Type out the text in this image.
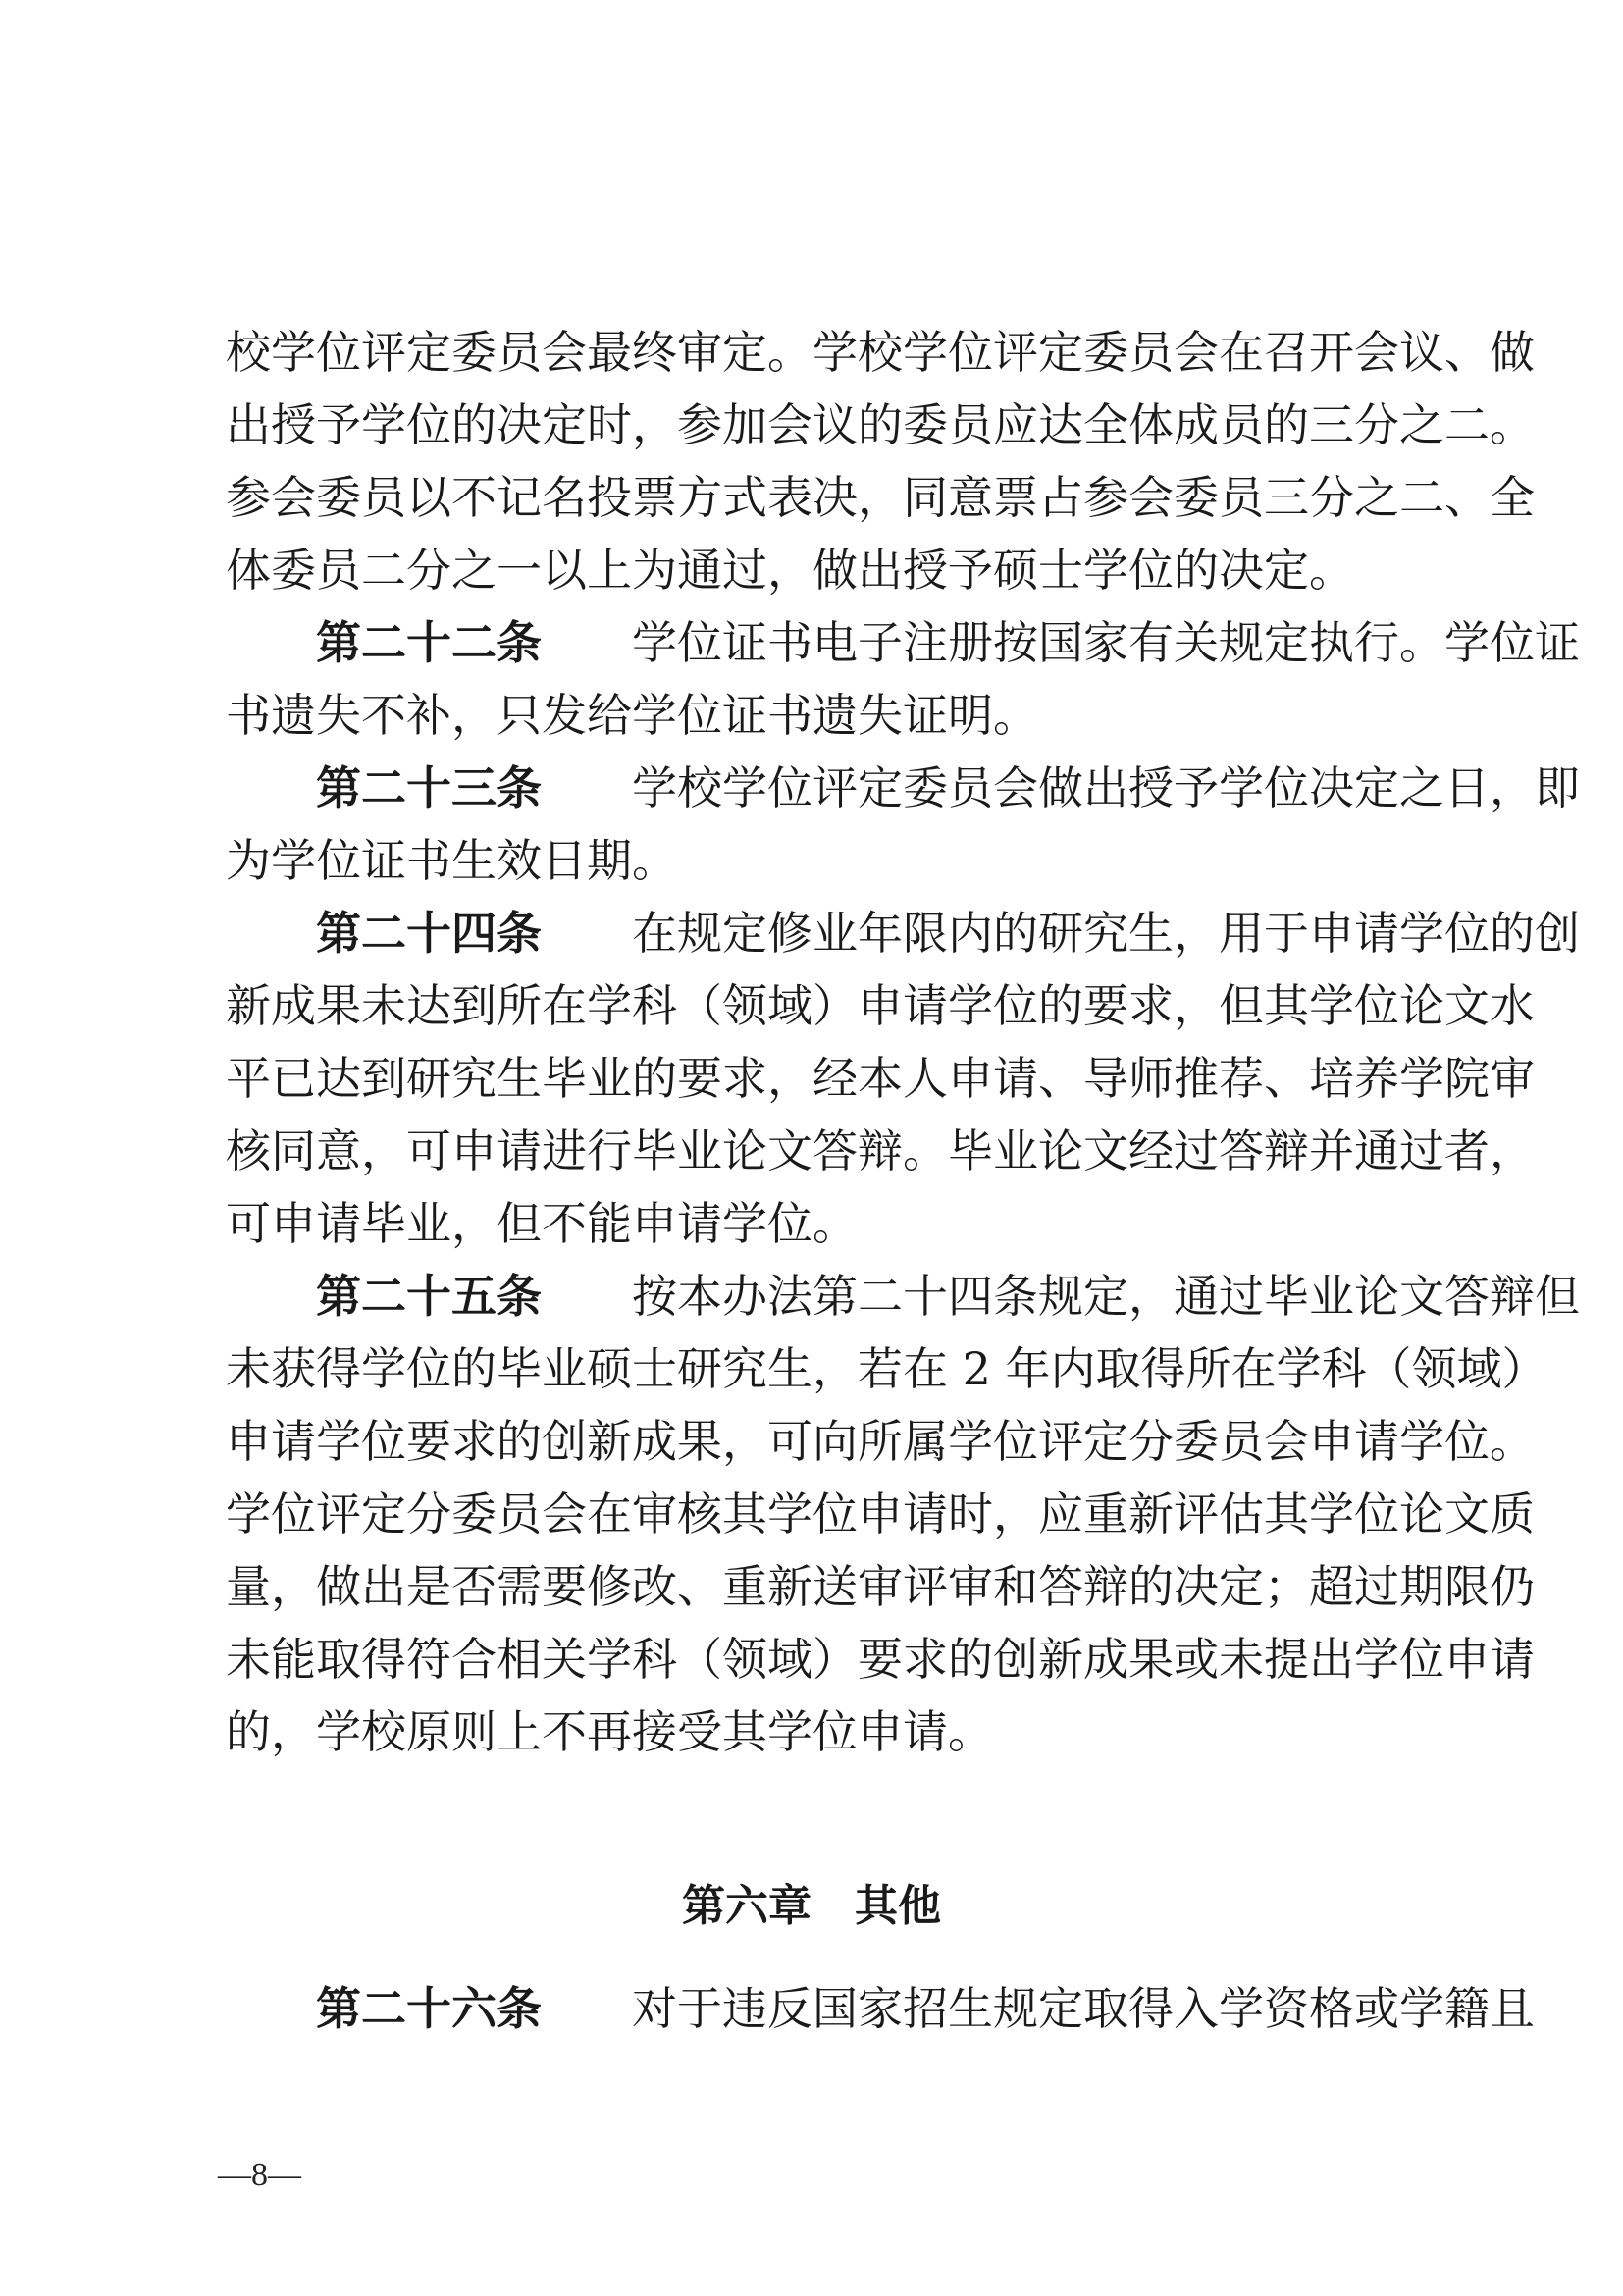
校学位评定委员会最终审定。学校学位评定委员会在召开会议、做
出授予学位的决定时，参加会议的委员应达全体成员的三分之二。
参会委员以不记名投票方式表决，同意票占参会委员三分之二、全
体委员二分之一以上为通过，做出授予硕士学位的决定。
第二十二条　　 学位证书电子注册按国家有关规定执行。学位证
书遗失不补，只发给学位证书遗失证明。
第二十三条　　 学校学位评定委员会做出授予学位决定之日，即
为学位证书生效日期。
第二十四条　　 在规定修业年限内的研究生，用于申请学位的创
新成果未达到所在学科（领域）申请学位的要求，但其学位论文水
平已达到研究生毕业的要求，经本人申请、导师推荐、培养学院审
核同意，可申请进行毕业论文答辩。毕业论文经过答辩并通过者，
可申请毕业，但不能申请学位。
第二十五条　　 按本办法第二十四条规定，通过毕业论文答辩但
未获得学位的毕业硕士研究生，若在 2 年内取得所在学科（领域）
申请学位要求的创新成果，可向所属学位评定分委员会申请学位。
学位评定分委员会在审核其学位申请时，应重新评估其学位论文质
量，做出是否需要修改、重新送审评审和答辩的决定；超过期限仍
未能取得符合相关学科（领域）要求的创新成果或未提出学位申请
的，学校原则上不再接受其学位申请。
第六章　其他
第二十六条　　 对于违反国家招生规定取得入学资格或学籍且
—8—
